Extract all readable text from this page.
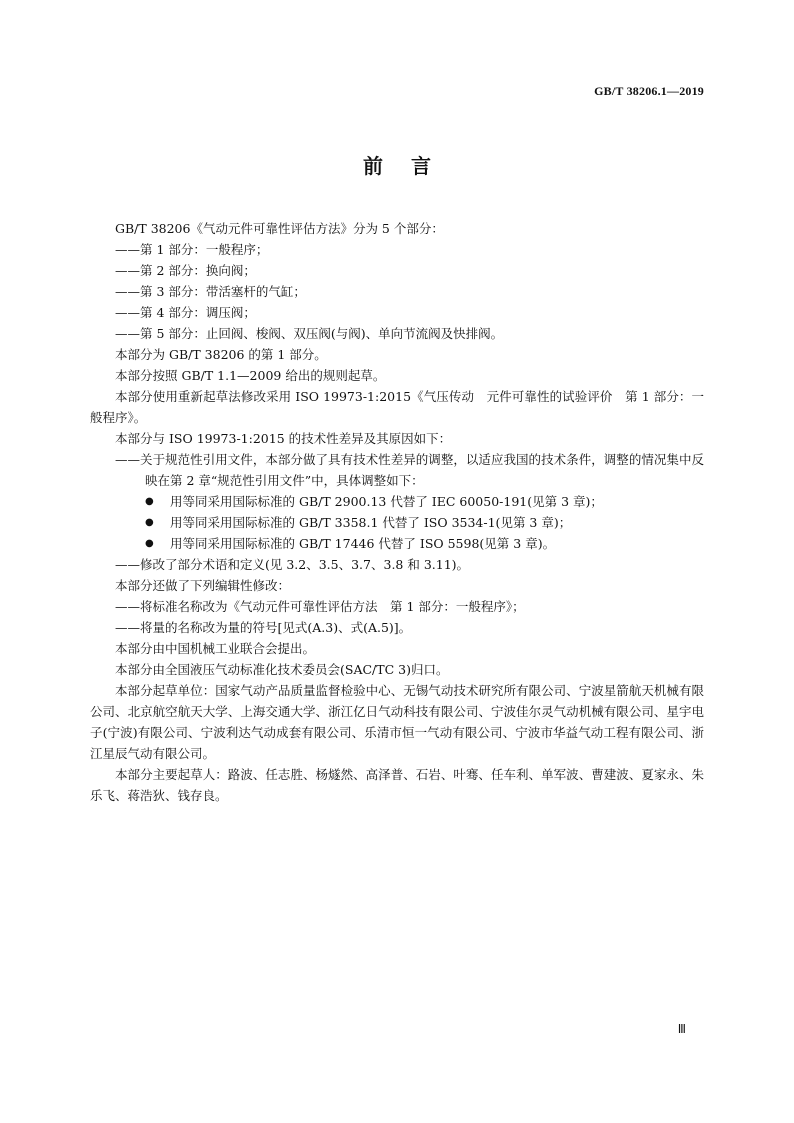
GB/T 38206.1—2019
前言

GB/T 38206《气动元件可靠性评估方法》分为 5 个部分：

——第 1 部分：一般程序；

——第 2 部分：换向阀；

——第 3 部分：带活塞杆的气缸；

——第 4 部分：调压阀；

——第 5 部分：止回阀、梭阀、双压阀(与阀)、单向节流阀及快排阀。

本部分为 GB/T 38206 的第 1 部分。

本部分按照 GB/T 1.1—2009 给出的规则起草。

本部分使用重新起草法修改采用 ISO 19973-1:2015《气压传动　元件可靠性的试验评价　第 1 部分：一般程序》。

本部分与 ISO 19973-1:2015 的技术性差异及其原因如下：

——关于规范性引用文件，本部分做了具有技术性差异的调整，以适应我国的技术条件，调整的情况集中反映在第 2 章“规范性引用文件”中，具体调整如下：

● 用等同采用国际标准的 GB/T 2900.13 代替了 IEC 60050-191(见第 3 章)；

● 用等同采用国际标准的 GB/T 3358.1 代替了 ISO 3534-1(见第 3 章)；

● 用等同采用国际标准的 GB/T 17446 代替了 ISO 5598(见第 3 章)。

——修改了部分术语和定义(见 3.2、3.5、3.7、3.8 和 3.11)。

本部分还做了下列编辑性修改：

——将标准名称改为《气动元件可靠性评估方法　第 1 部分：一般程序》；

——将量的名称改为量的符号[见式(A.3)、式(A.5)]。

本部分由中国机械工业联合会提出。

本部分由全国液压气动标准化技术委员会(SAC/TC 3)归口。

本部分起草单位：国家气动产品质量监督检验中心、无锡气动技术研究所有限公司、宁波星箭航天机械有限公司、北京航空航天大学、上海交通大学、浙江亿日气动科技有限公司、宁波佳尔灵气动机械有限公司、星宇电子(宁波)有限公司、宁波利达气动成套有限公司、乐清市恒一气动有限公司、宁波市华益气动工程有限公司、浙江星辰气动有限公司。

本部分主要起草人：路波、任志胜、杨燧然、高泽普、石岩、叶骞、任车利、单军波、曹建波、夏家永、朱乐飞、蒋浩狄、钱存良。

Ⅲ
